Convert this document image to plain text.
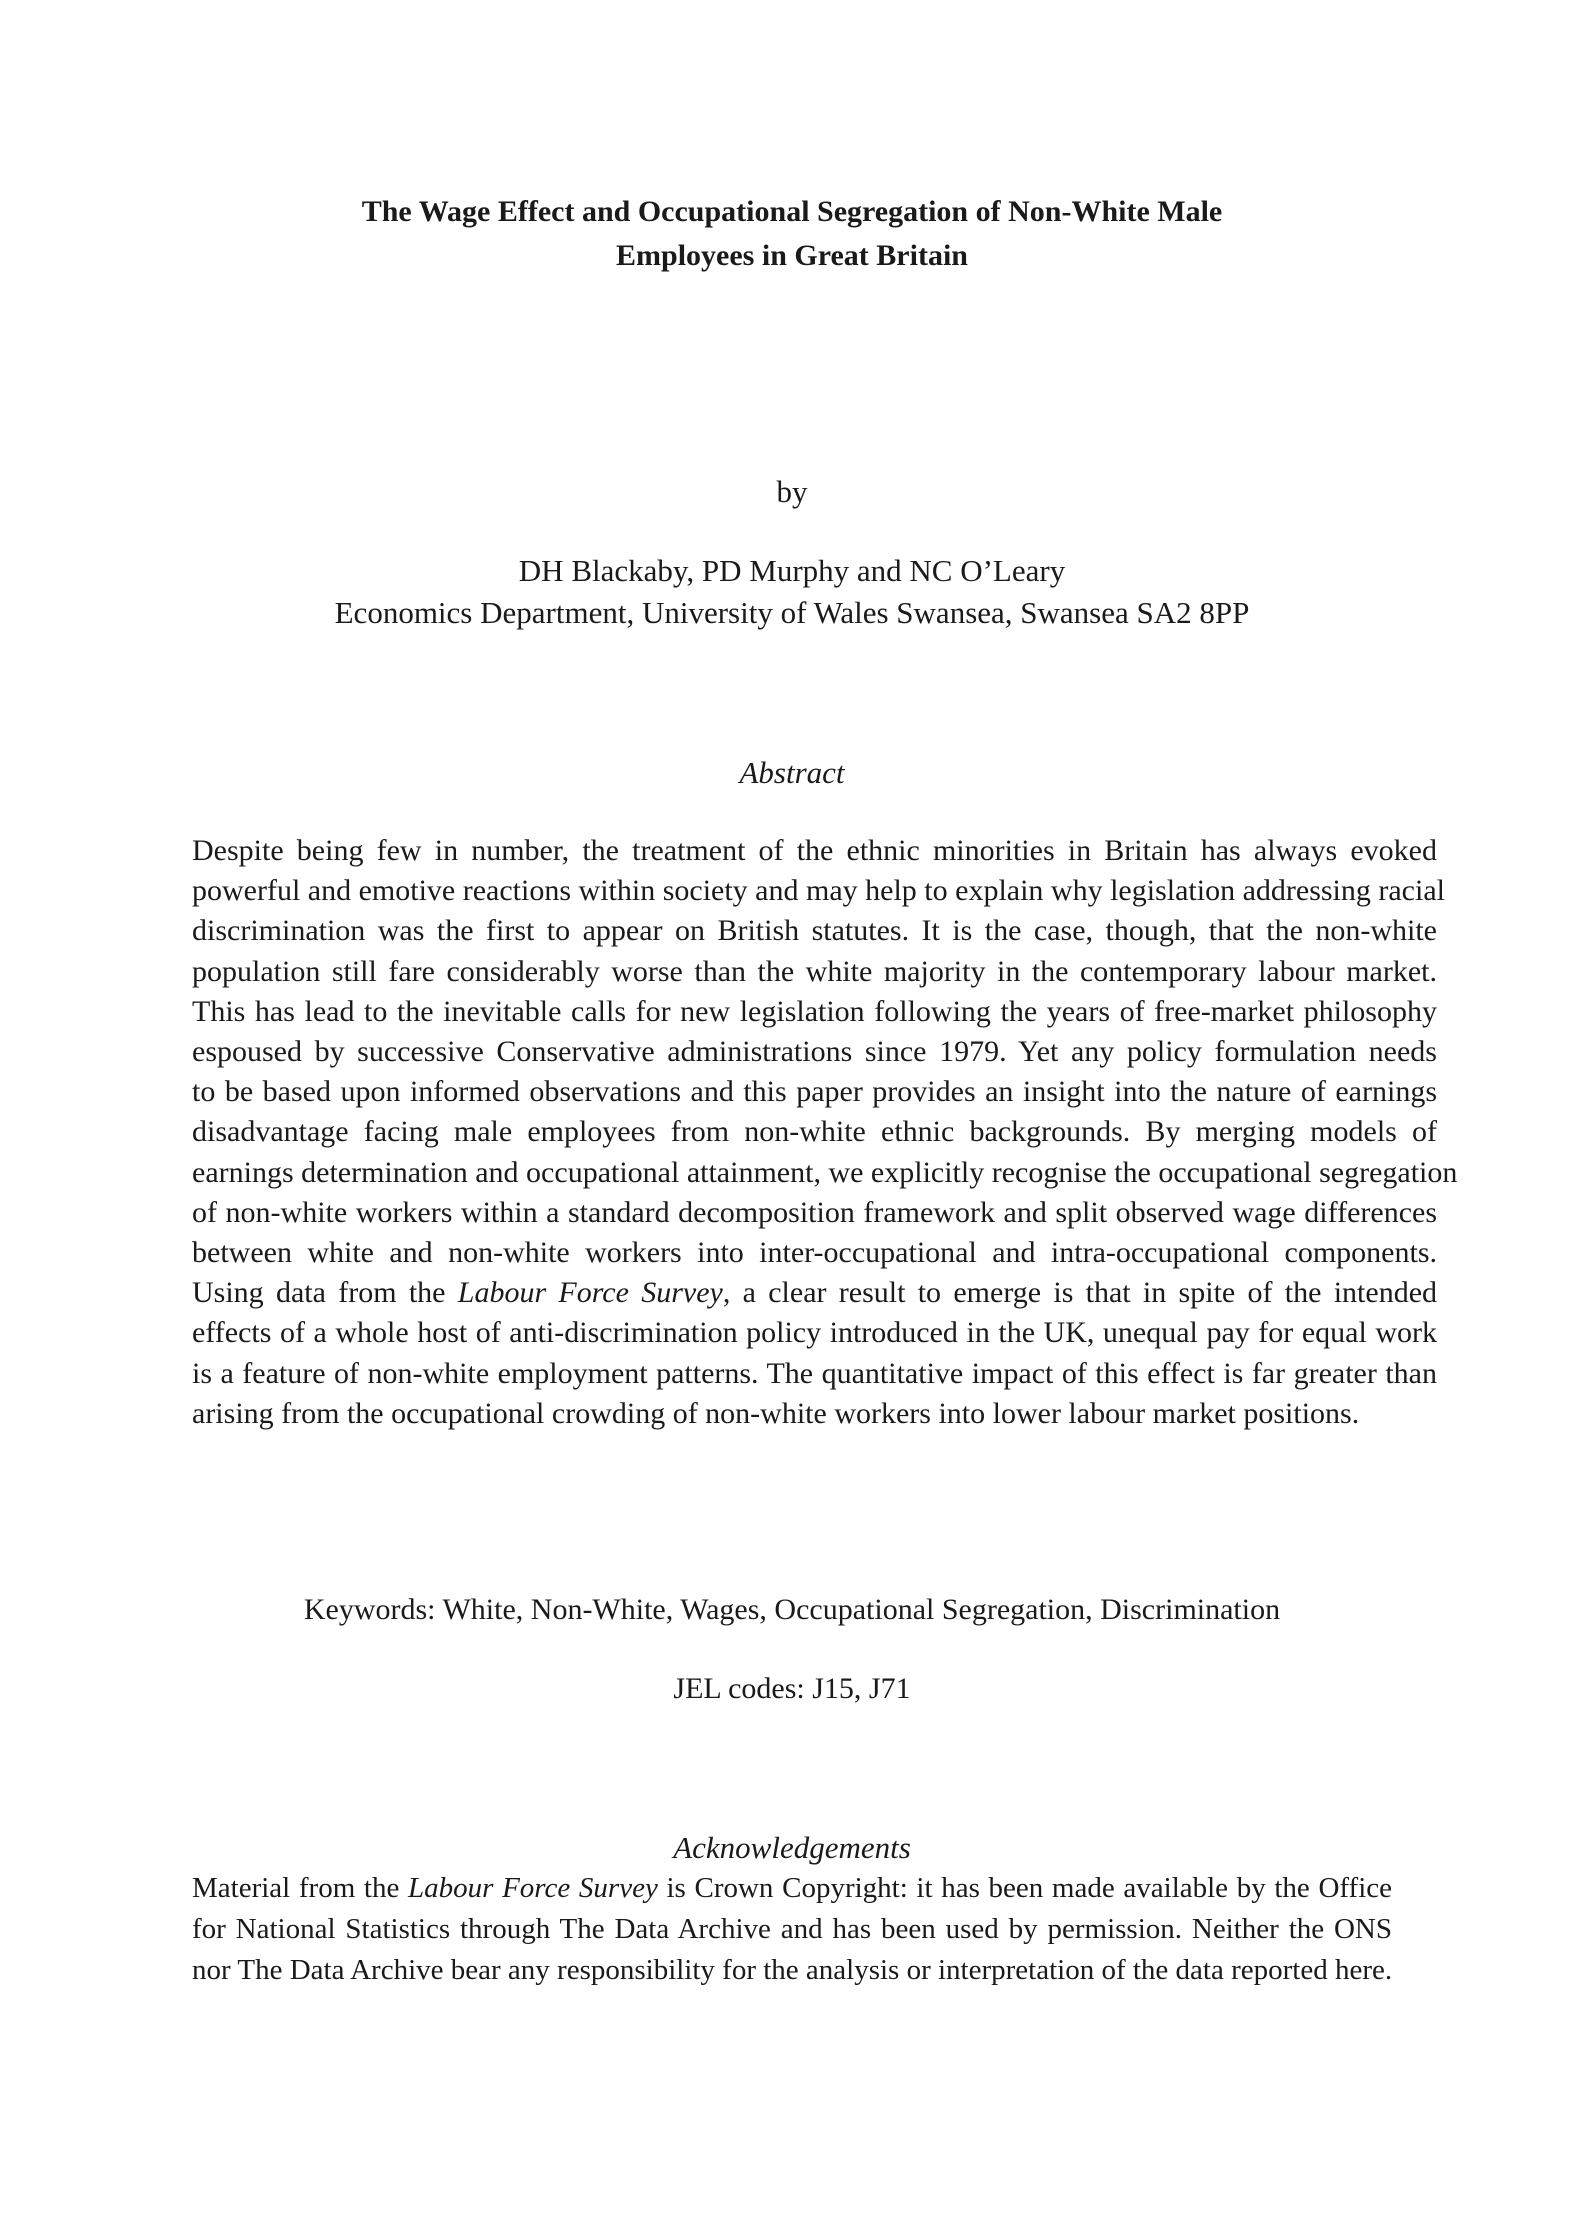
The Wage Effect and Occupational Segregation of Non-White Male
Employees in Great Britain
by
DH Blackaby, PD Murphy and NC O’Leary
Economics Department, University of Wales Swansea, Swansea SA2 8PP
Abstract
Despite being few in number, the treatment of the ethnic minorities in Britain has always evoked
powerful and emotive reactions within society and may help to explain why legislation addressing racial
discrimination was the first to appear on British statutes. It is the case, though, that the non-white
population still fare considerably worse than the white majority in the contemporary labour market.
This has lead to the inevitable calls for new legislation following the years of free-market philosophy
espoused by successive Conservative administrations since 1979. Yet any policy formulation needs
to be based upon informed observations and this paper provides an insight into the nature of earnings
disadvantage facing male employees from non-white ethnic backgrounds. By merging models of
earnings determination and occupational attainment, we explicitly recognise the occupational segregation
of non-white workers within a standard decomposition framework and split observed wage differences
between white and non-white workers into inter-occupational and intra-occupational components.
Using data from the Labour Force Survey, a clear result to emerge is that in spite of the intended
effects of a whole host of anti-discrimination policy introduced in the UK, unequal pay for equal work
is a feature of non-white employment patterns. The quantitative impact of this effect is far greater than
arising from the occupational crowding of non-white workers into lower labour market positions.
Keywords: White, Non-White, Wages, Occupational Segregation, Discrimination
JEL codes: J15, J71
Acknowledgements
Material from the Labour Force Survey is Crown Copyright: it has been made available by the Office
for National Statistics through The Data Archive and has been used by permission. Neither the ONS
nor The Data Archive bear any responsibility for the analysis or interpretation of the data reported here.
